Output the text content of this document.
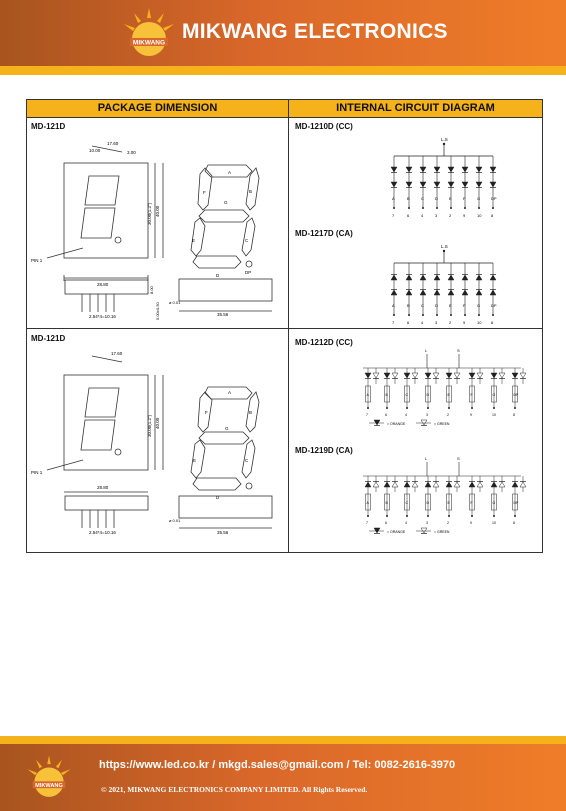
MIKWANG MIKWANG ELECTRONICS
PACKAGE DIMENSION	INTERNAL CIRCUIT DIAGRAM
MD-121D	MD-1210D (CC)
MD-1217D (CA)
MD-121D	MD-1212D (CC)
MD-1219D (CA)
17.60
3.00
10.00
30.00(1.2") 40.00
28.80
PIN 1
8.00
5.00±0.50
2.54*4=10.16
ø 0.01
35.56
A
B
C
D
E
F
G
DP
17.60
30.00(1.2") 40.00
28.80
PIN 1
2.54*4=10.16
ø 0.01
35.56
A
F	B
G
E	C
D
L.S
A
7
B
6
C
4
D
3
E
2
F
9
G
10
DP
8
L.S
A
7
B
6
C
4
D
3
E
2
F
9
G
10
DP
8
L	S
A
7
B
6
C
4
D
3
E
2
F
9
G
10
DP
8
= ORANGE	= GREEN
L	S
A
7
B
6
C
4
D
3
E
2
F
9
G
10
DP
8
= ORANGE	= GREEN
MIKWANG
https://www.led.co.kr / mkgd.sales@gmail.com / Tel: 0082-2616-3970
© 2021, MIKWANG ELECTRONICS COMPANY LIMITED. All Rights Reserved.
